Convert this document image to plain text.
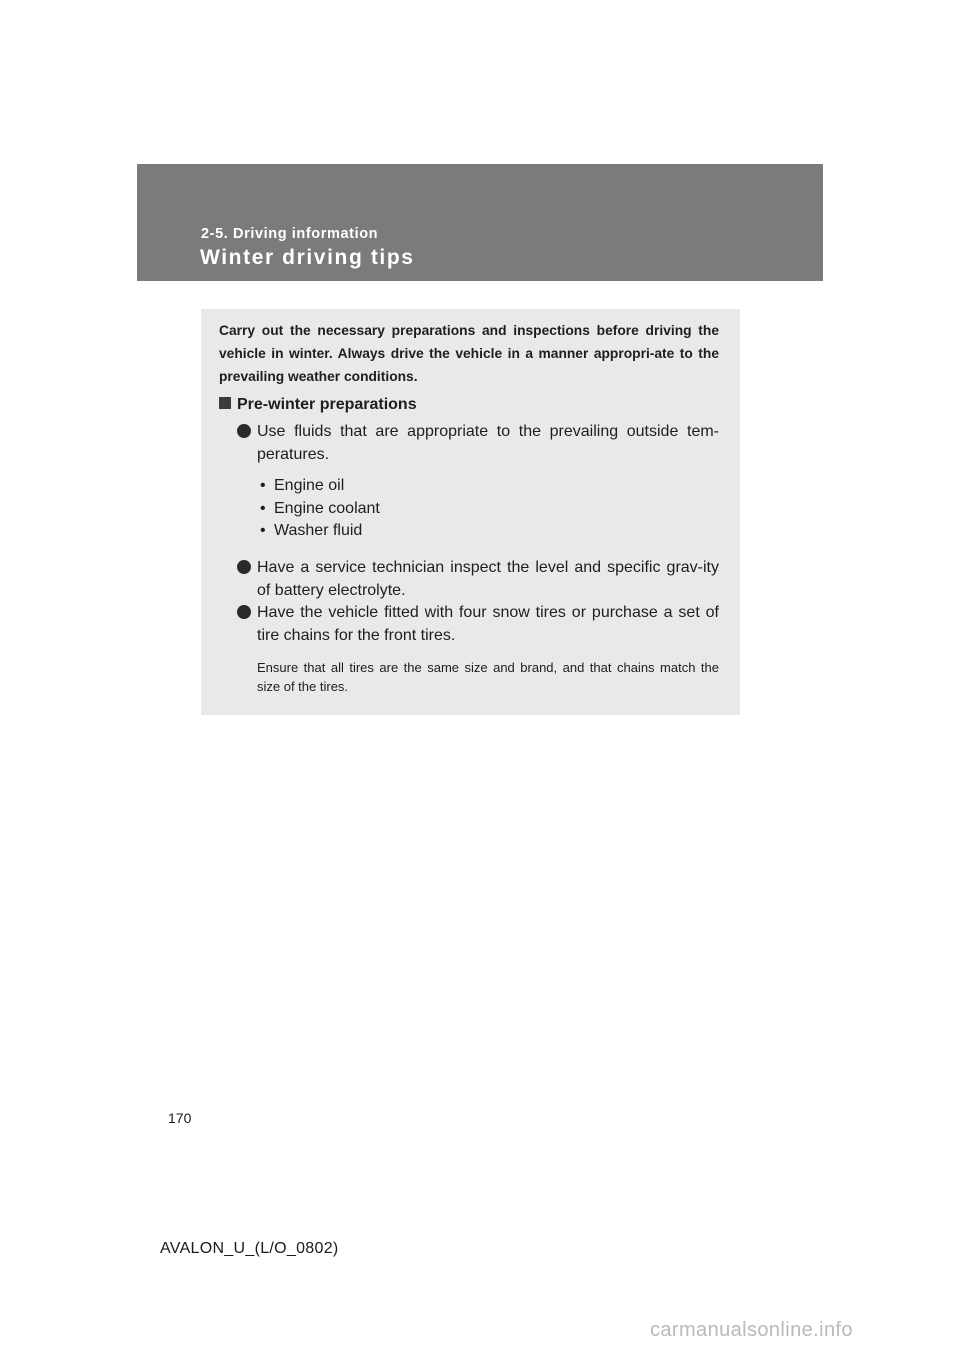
2-5. Driving information
Winter driving tips
Carry out the necessary preparations and inspections before driving the vehicle in winter. Always drive the vehicle in a manner appropri-ate to the prevailing weather conditions.
Pre-winter preparations
Use fluids that are appropriate to the prevailing outside tem-peratures.
• Engine oil
• Engine coolant
• Washer fluid
Have a service technician inspect the level and specific grav-ity of battery electrolyte.
Have the vehicle fitted with four snow tires or purchase a set of tire chains for the front tires.
Ensure that all tires are the same size and brand, and that chains match the size of the tires.
170
AVALON_U_(L/O_0802)
carmanualsonline.info
